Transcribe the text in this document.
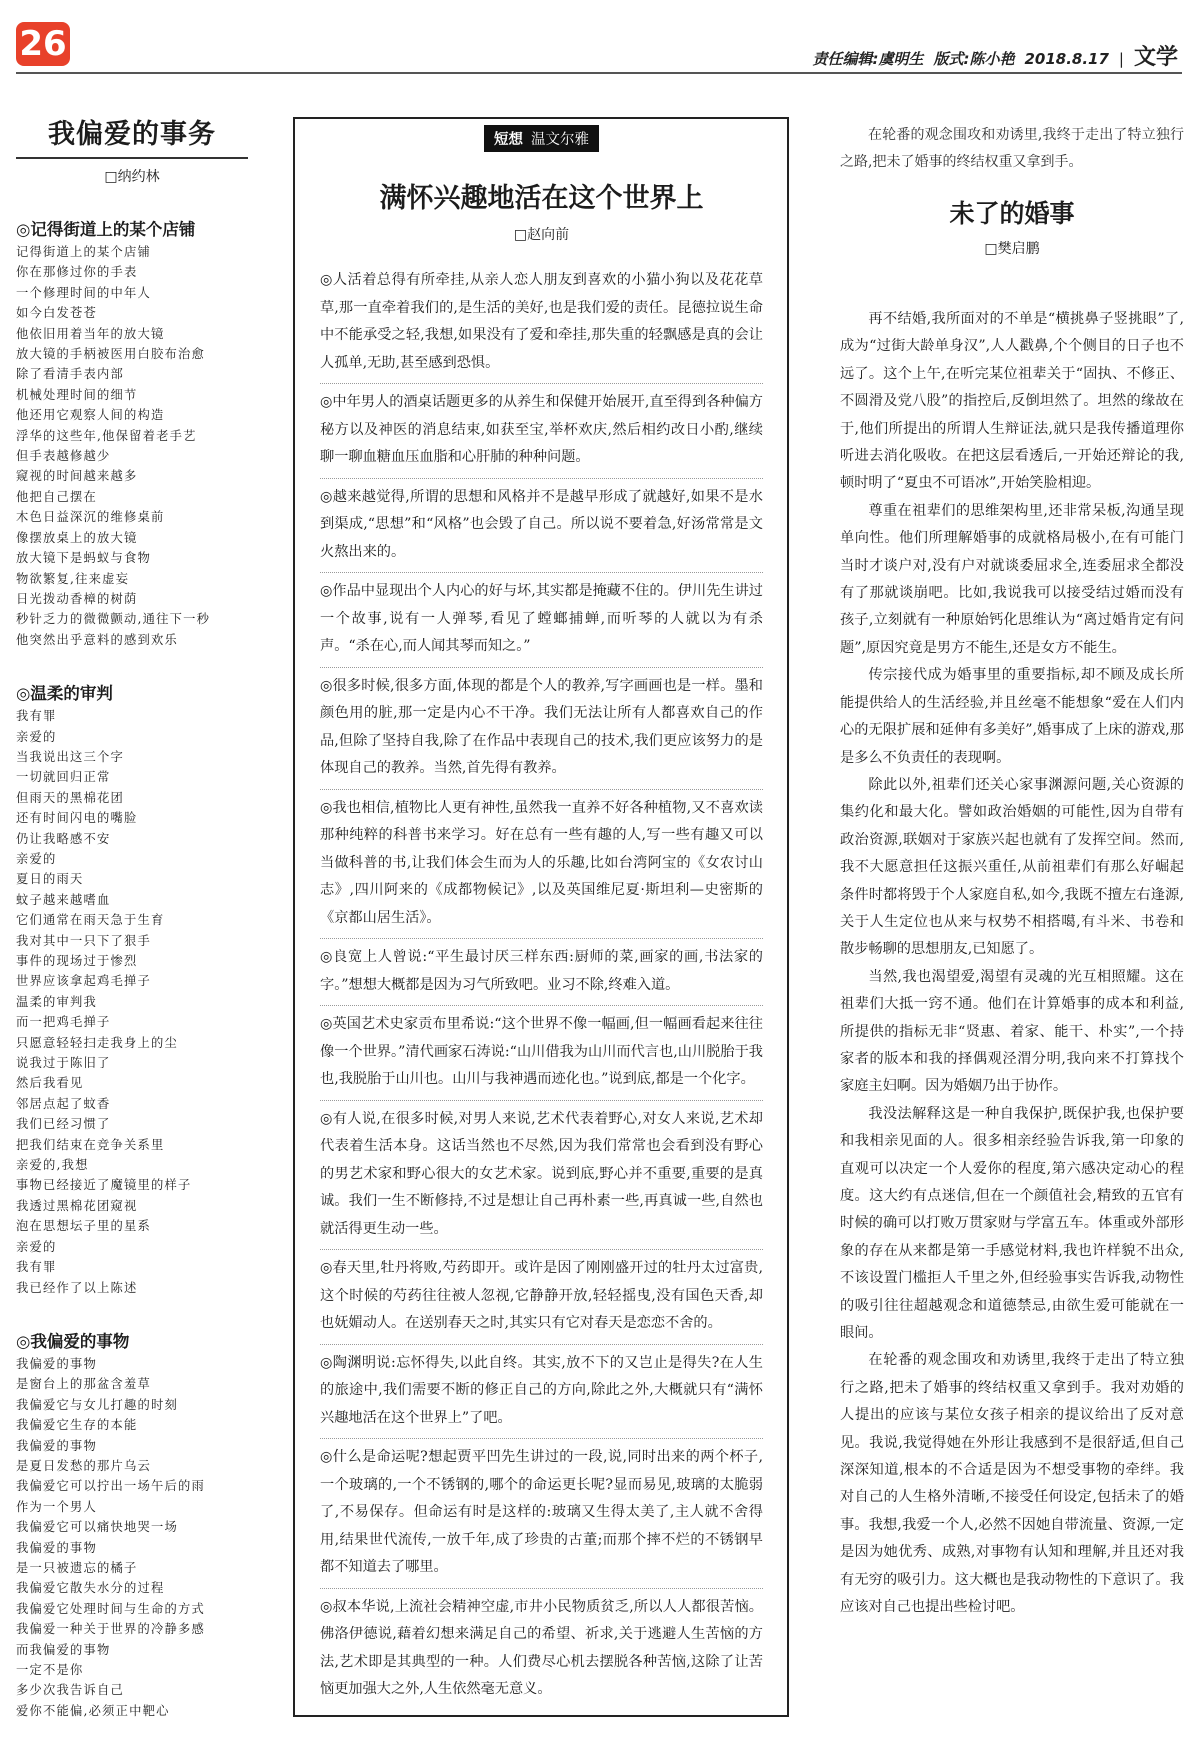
26	责任编辑:虞明生 版式:陈小艳 2018.8.17 | 文学
我偏爱的事务
□纳约林
◎记得街道上的某个店铺
记得街道上的某个店铺
你在那修过你的手表
一个修理时间的中年人
如今白发苍苍
他依旧用着当年的放大镜
放大镜的手柄被医用白胶布治愈
除了看清手表内部
机械处理时间的细节
他还用它观察人间的构造
浮华的这些年,他保留着老手艺
但手表越修越少
窥视的时间越来越多
他把自己摆在
木色日益深沉的维修桌前
像摆放桌上的放大镜
放大镜下是蚂蚁与食物
物欲繁复,往来虚妄
日光拨动香樟的树荫
秒针乏力的微微颤动,通往下一秒
他突然出乎意料的感到欢乐
◎温柔的审判
我有罪
亲爱的
当我说出这三个字
一切就回归正常
但雨天的黑棉花团
还有时间闪电的嘴脸
仍让我略感不安
亲爱的
夏日的雨天
蚊子越来越嗜血
它们通常在雨天急于生育
我对其中一只下了狠手
事件的现场过于惨烈
世界应该拿起鸡毛掸子
温柔的审判我
而一把鸡毛掸子
只愿意轻轻扫走我身上的尘
说我过于陈旧了
然后我看见
邻居点起了蚊香
我们已经习惯了
把我们结束在竞争关系里
亲爱的,我想
事物已经接近了魔镜里的样子
我透过黑棉花团窥视
泡在思想坛子里的星系
亲爱的
我有罪
我已经作了以上陈述
◎我偏爱的事物
我偏爱的事物
是窗台上的那盆含羞草
我偏爱它与女儿打趣的时刻
我偏爱它生存的本能
我偏爱的事物
是夏日发愁的那片乌云
我偏爱它可以拧出一场午后的雨
作为一个男人
我偏爱它可以痛快地哭一场
我偏爱的事物
是一只被遗忘的橘子
我偏爱它散失水分的过程
我偏爱它处理时间与生命的方式
我偏爱一种关于世界的冷静多感
而我偏爱的事物
一定不是你
多少次我告诉自己
爱你不能偏,必须正中靶心
短想 温文尔雅
满怀兴趣地活在这个世界上
□赵向前

◎人活着总得有所牵挂,从亲人恋人朋友到喜欢的小猫小狗以及花花草草,那一直牵着我们的,是生活的美好,也是我们爱的责任。昆德拉说生命中不能承受之轻,我想,如果没有了爱和牵挂,那失重的轻飘感是真的会让人孤单,无助,甚至感到恐惧。

◎中年男人的酒桌话题更多的从养生和保健开始展开,直至得到各种偏方秘方以及神医的消息结束,如获至宝,举杯欢庆,然后相约改日小酌,继续聊一聊血糖血压血脂和心肝肺的种种问题。

◎越来越觉得,所谓的思想和风格并不是越早形成了就越好,如果不是水到渠成,“思想”和“风格”也会毁了自己。所以说不要着急,好汤常常是文火熬出来的。

◎作品中显现出个人内心的好与坏,其实都是掩藏不住的。伊川先生讲过一个故事,说有一人弹琴,看见了螳螂捕蝉,而听琴的人就以为有杀声。“杀在心,而人闻其琴而知之。”

◎很多时候,很多方面,体现的都是个人的教养,写字画画也是一样。墨和颜色用的脏,那一定是内心不干净。我们无法让所有人都喜欢自己的作品,但除了坚持自我,除了在作品中表现自己的技术,我们更应该努力的是体现自己的教养。当然,首先得有教养。

◎我也相信,植物比人更有神性,虽然我一直养不好各种植物,又不喜欢读那种纯粹的科普书来学习。好在总有一些有趣的人,写一些有趣又可以当做科普的书,让我们体会生而为人的乐趣,比如台湾阿宝的《女农讨山志》,四川阿来的《成都物候记》,以及英国维尼夏·斯坦利—史密斯的《京都山居生活》。

◎良宽上人曾说:“平生最讨厌三样东西:厨师的菜,画家的画,书法家的字。”想想大概都是因为习气所致吧。业习不除,终难入道。

◎英国艺术史家贡布里希说:“这个世界不像一幅画,但一幅画看起来往往像一个世界。”清代画家石涛说:“山川借我为山川而代言也,山川脱胎于我也,我脱胎于山川也。山川与我神遇而迹化也。”说到底,都是一个化字。

◎有人说,在很多时候,对男人来说,艺术代表着野心,对女人来说,艺术却代表着生活本身。这话当然也不尽然,因为我们常常也会看到没有野心的男艺术家和野心很大的女艺术家。说到底,野心并不重要,重要的是真诚。我们一生不断修持,不过是想让自己再朴素一些,再真诚一些,自然也就活得更生动一些。

◎春天里,牡丹将败,芍药即开。或许是因了刚刚盛开过的牡丹太过富贵,这个时候的芍药往往被人忽视,它静静开放,轻轻摇曳,没有国色天香,却也妩媚动人。在送别春天之时,其实只有它对春天是恋恋不舍的。

◎陶渊明说:忘怀得失,以此自终。其实,放不下的又岂止是得失?在人生的旅途中,我们需要不断的修正自己的方向,除此之外,大概就只有“满怀兴趣地活在这个世界上”了吧。

◎什么是命运呢?想起贾平凹先生讲过的一段,说,同时出来的两个杯子,一个玻璃的,一个不锈钢的,哪个的命运更长呢?显而易见,玻璃的太脆弱了,不易保存。但命运有时是这样的:玻璃又生得太美了,主人就不舍得用,结果世代流传,一放千年,成了珍贵的古董;而那个摔不烂的不锈钢早都不知道去了哪里。

◎叔本华说,上流社会精神空虚,市井小民物质贫乏,所以人人都很苦恼。佛洛伊德说,藉着幻想来满足自己的希望、祈求,关于逃避人生苦恼的方法,艺术即是其典型的一种。人们费尽心机去摆脱各种苦恼,这除了让苦恼更加强大之外,人生依然毫无意义。

在轮番的观念围攻和劝诱里,我终于走出了特立独行之路,把未了婚事的终结权重又拿到手。
未了的婚事
□樊启鹏

再不结婚,我所面对的不单是“横挑鼻子竖挑眼”了,成为“过街大龄单身汉”,人人戳鼻,个个侧目的日子也不远了。这个上午,在听完某位祖辈关于“固执、不修正、不圆滑及党八股”的指控后,反倒坦然了。坦然的缘故在于,他们所提出的所谓人生辩证法,就只是我传播道理你听进去消化吸收。在把这层看透后,一开始还辩论的我,顿时明了“夏虫不可语冰”,开始笑脸相迎。

尊重在祖辈们的思维架构里,还非常呆板,沟通呈现单向性。他们所理解婚事的成就格局极小,在有可能门当时才谈户对,没有户对就谈委屈求全,连委屈求全都没有了那就谈崩吧。比如,我说我可以接受结过婚而没有孩子,立刻就有一种原始钙化思维认为“离过婚肯定有问题”,原因究竟是男方不能生,还是女方不能生。

传宗接代成为婚事里的重要指标,却不顾及成长所能提供给人的生活经验,并且丝毫不能想象“爱在人们内心的无限扩展和延伸有多美好”,婚事成了上床的游戏,那是多么不负责任的表现啊。

除此以外,祖辈们还关心家事渊源问题,关心资源的集约化和最大化。譬如政治婚姻的可能性,因为自带有政治资源,联姻对于家族兴起也就有了发挥空间。然而,我不大愿意担任这振兴重任,从前祖辈们有那么好崛起条件时都将毁于个人家庭自私,如今,我既不擅左右逢源,关于人生定位也从来与权势不相搭噶,有斗米、书卷和散步畅聊的思想朋友,已知愿了。

当然,我也渴望爱,渴望有灵魂的光互相照耀。这在祖辈们大抵一窍不通。他们在计算婚事的成本和利益,所提供的指标无非“贤惠、着家、能干、朴实”,一个持家者的版本和我的择偶观泾渭分明,我向来不打算找个家庭主妇啊。因为婚姻乃出于协作。

我没法解释这是一种自我保护,既保护我,也保护要和我相亲见面的人。很多相亲经验告诉我,第一印象的直观可以决定一个人爱你的程度,第六感决定动心的程度。这大约有点迷信,但在一个颜值社会,精致的五官有时候的确可以打败万贯家财与学富五车。体重或外部形象的存在从来都是第一手感觉材料,我也许样貌不出众,不该设置门槛拒人千里之外,但经验事实告诉我,动物性的吸引往往超越观念和道德禁忌,由欲生爱可能就在一眼间。

在轮番的观念围攻和劝诱里,我终于走出了特立独行之路,把未了婚事的终结权重又拿到手。我对劝婚的人提出的应该与某位女孩子相亲的提议给出了反对意见。我说,我觉得她在外形让我感到不是很舒适,但自己深深知道,根本的不合适是因为不想受事物的牵绊。我对自己的人生格外清晰,不接受任何设定,包括未了的婚事。我想,我爱一个人,必然不因她自带流量、资源,一定是因为她优秀、成熟,对事物有认知和理解,并且还对我有无穷的吸引力。这大概也是我动物性的下意识了。我应该对自己也提出些检讨吧。
